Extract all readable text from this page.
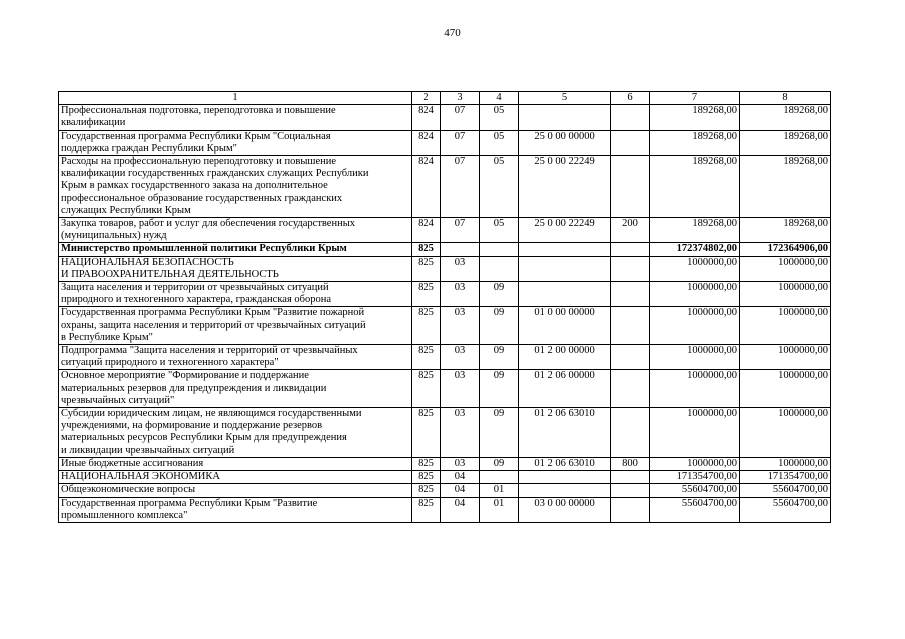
470
1	2	3	4	5	6	7	8
Профессиональная подготовка, переподготовка и повышение
квалификации	824	07	05			189268,00	189268,00
Государственная программа Республики Крым "Социальная
поддержка граждан Республики Крым"	824	07	05	25 0 00 00000		189268,00	189268,00
Расходы на профессиональную переподготовку и повышение
квалификации государственных гражданских служащих Республики
Крым в рамках государственного заказа на дополнительное
профессиональное образование государственных гражданских
служащих Республики Крым	824	07	05	25 0 00 22249		189268,00	189268,00
Закупка товаров, работ и услуг для обеспечения государственных
(муниципальных) нужд	824	07	05	25 0 00 22249	200	189268,00	189268,00
Министерство промышленной политики Республики Крым	825					172374802,00	172364906,00
НАЦИОНАЛЬНАЯ БЕЗОПАСНОСТЬ
И ПРАВООХРАНИТЕЛЬНАЯ ДЕЯТЕЛЬНОСТЬ	825	03				1000000,00	1000000,00
Защита населения и территории от чрезвычайных ситуаций
природного и техногенного характера, гражданская оборона	825	03	09			1000000,00	1000000,00
Государственная программа Республики Крым "Развитие пожарной
охраны, защита населения и территорий от чрезвычайных ситуаций
в Республике Крым"	825	03	09	01 0 00 00000		1000000,00	1000000,00
Подпрограмма "Защита населения и территорий от чрезвычайных
ситуаций природного и техногенного характера"	825	03	09	01 2 00 00000		1000000,00	1000000,00
Основное мероприятие "Формирование и поддержание
материальных резервов для предупреждения и ликвидации
чрезвычайных ситуаций"	825	03	09	01 2 06 00000		1000000,00	1000000,00
Субсидии юридическим лицам, не являющимся государственными
учреждениями, на формирование и поддержание резервов
материальных ресурсов Республики Крым для предупреждения
и ликвидации чрезвычайных ситуаций	825	03	09	01 2 06 63010		1000000,00	1000000,00
Иные бюджетные ассигнования	825	03	09	01 2 06 63010	800	1000000,00	1000000,00
НАЦИОНАЛЬНАЯ ЭКОНОМИКА	825	04				171354700,00	171354700,00
Общеэкономические вопросы	825	04	01			55604700,00	55604700,00
Государственная программа Республики Крым "Развитие
промышленного комплекса"	825	04	01	03 0 00 00000		55604700,00	55604700,00
